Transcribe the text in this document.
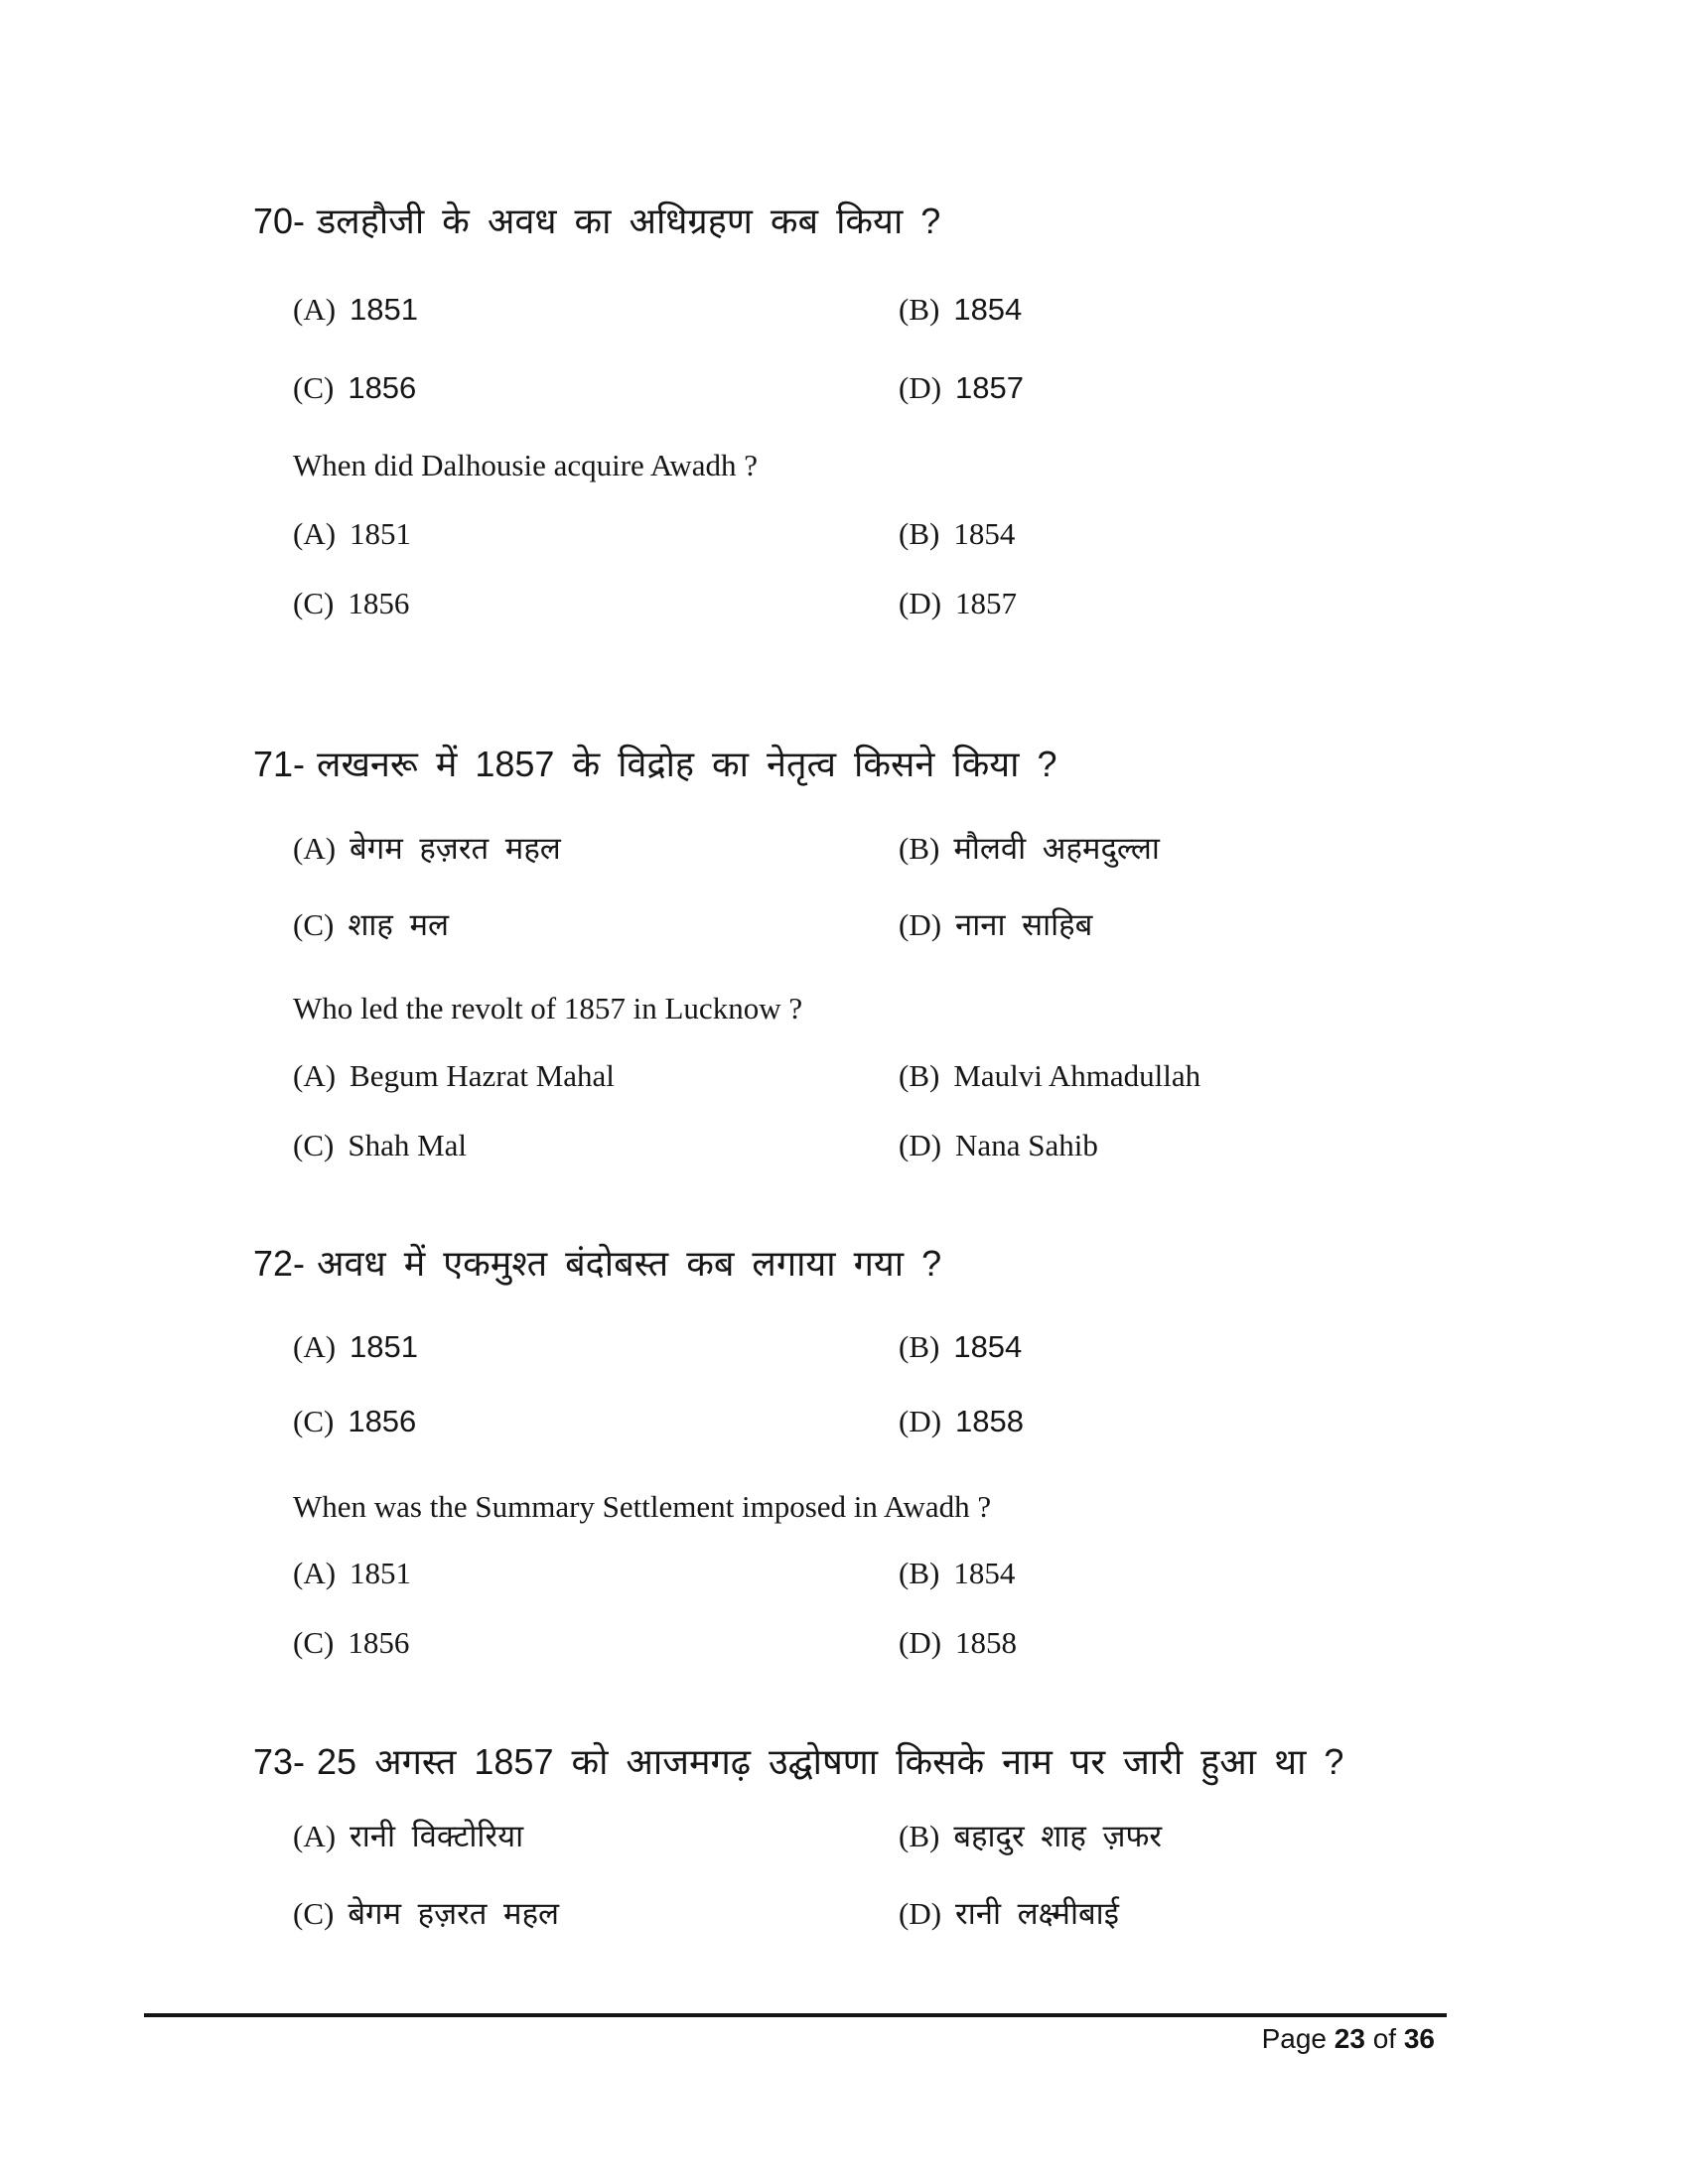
70- डलहौजी के अवध का अधिग्रहण कब किया ?
(A) 1851	(B) 1854
(C) 1856	(D) 1857
When did Dalhousie acquire Awadh ?
(A) 1851	(B) 1854
(C) 1856	(D) 1857
71- लखनरू में 1857 के विद्रोह का नेतृत्व किसने किया ?
(A) बेगम हज़रत महल	(B) मौलवी अहमदुल्ला
(C) शाह मल	(D) नाना साहिब
Who led the revolt of 1857 in Lucknow ?
(A) Begum Hazrat Mahal	(B) Maulvi Ahmadullah
(C) Shah Mal	(D) Nana Sahib
72- अवध में एकमुश्त बंदोबस्त कब लगाया गया ?
(A) 1851	(B) 1854
(C) 1856	(D) 1858
When was the Summary Settlement imposed in Awadh ?
(A) 1851	(B) 1854
(C) 1856	(D) 1858
73- 25 अगस्त 1857 को आजमगढ़ उद्घोषणा किसके नाम पर जारी हुआ था ?
(A) रानी विक्टोरिया	(B) बहादुर शाह ज़फर
(C) बेगम हज़रत महल	(D) रानी लक्ष्मीबाई
Page 23 of 36
